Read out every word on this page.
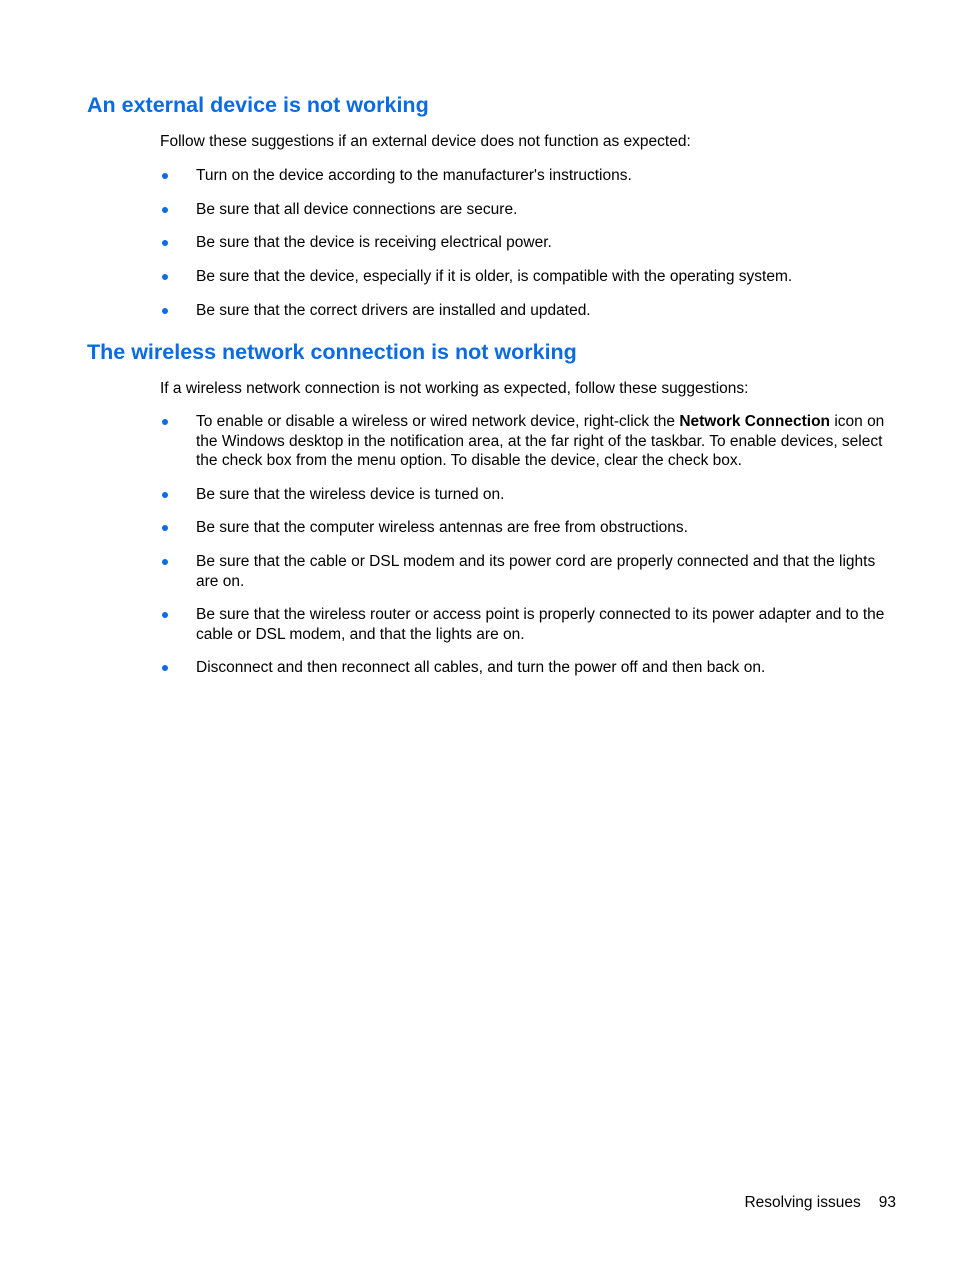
An external device is not working

Follow these suggestions if an external device does not function as expected:

Turn on the device according to the manufacturer's instructions.
Be sure that all device connections are secure.
Be sure that the device is receiving electrical power.
Be sure that the device, especially if it is older, is compatible with the operating system.
Be sure that the correct drivers are installed and updated.
The wireless network connection is not working

If a wireless network connection is not working as expected, follow these suggestions:

To enable or disable a wireless or wired network device, right-click the Network Connection icon on the Windows desktop in the notification area, at the far right of the taskbar. To enable devices, select the check box from the menu option. To disable the device, clear the check box.
Be sure that the wireless device is turned on.
Be sure that the computer wireless antennas are free from obstructions.
Be sure that the cable or DSL modem and its power cord are properly connected and that the lights are on.
Be sure that the wireless router or access point is properly connected to its power adapter and to the cable or DSL modem, and that the lights are on.
Disconnect and then reconnect all cables, and turn the power off and then back on.
Resolving issues 93
